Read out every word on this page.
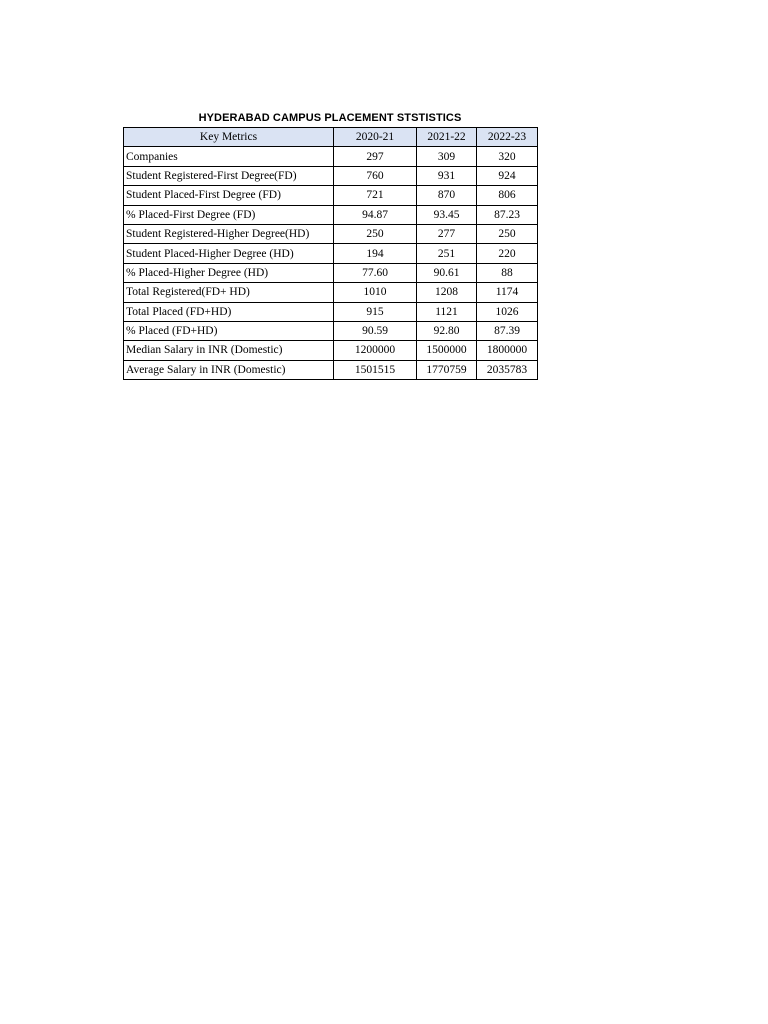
HYDERABAD CAMPUS PLACEMENT STSTISTICS
Key Metrics	2020-21	2021-22	2022-23
Companies	297	309	320
Student Registered-First Degree(FD)	760	931	924
Student Placed-First Degree (FD)	721	870	806
% Placed-First Degree (FD)	94.87	93.45	87.23
Student Registered-Higher Degree(HD)	250	277	250
Student Placed-Higher Degree (HD)	194	251	220
% Placed-Higher Degree (HD)	77.60	90.61	88
Total Registered(FD+ HD)	1010	1208	1174
Total Placed (FD+HD)	915	1121	1026
% Placed (FD+HD)	90.59	92.80	87.39
Median Salary in INR (Domestic)	1200000	1500000	1800000
Average Salary in INR (Domestic)	1501515	1770759	2035783
